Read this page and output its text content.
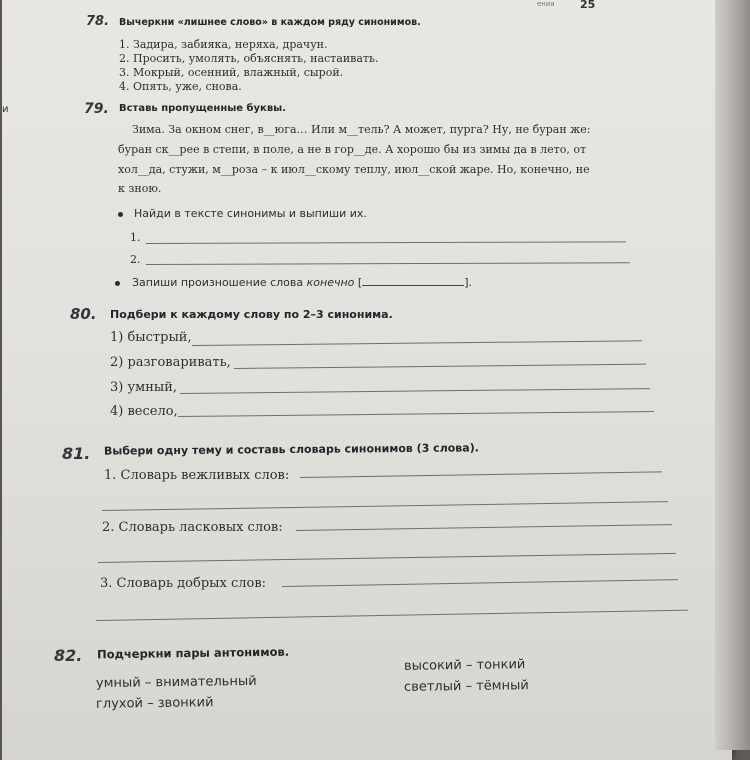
ения 25
и
78. Вычеркни «лишнее слово» в каждом ряду синонимов.
1. Задира, забияка, неряха, драчун.
2. Просить, умолять, объяснять, настаивать.
3. Мокрый, осенний, влажный, сырой.
4. Опять, уже, снова.
79. Вставь пропущенные буквы.
Зима. За окном снег, в__юга… Или м__тель? А может, пурга? Ну, не буран же:
буран ск__рее в степи, в поле, а не в гор__де. А хорошо бы из зимы да в лето, от
хол__да, стужи, м__роза – к июл__скому теплу, июл__ской жаре. Но, конечно, не
к зною.
Найди в тексте синонимы и выпиши их.
1.
2.
Запиши произношение слова конечно [	].
80. Подбери к каждому слову по 2–3 синонима.
1) быстрый,
2) разговаривать,
3) умный,
4) весело,
81. Выбери одну тему и составь словарь синонимов (3 слова).
1. Словарь вежливых слов:
2. Словарь ласковых слов:
3. Словарь добрых слов:
82. Подчеркни пары антонимов.
умный – внимательный
глухой – звонкий
высокий – тонкий
светлый – тёмный
